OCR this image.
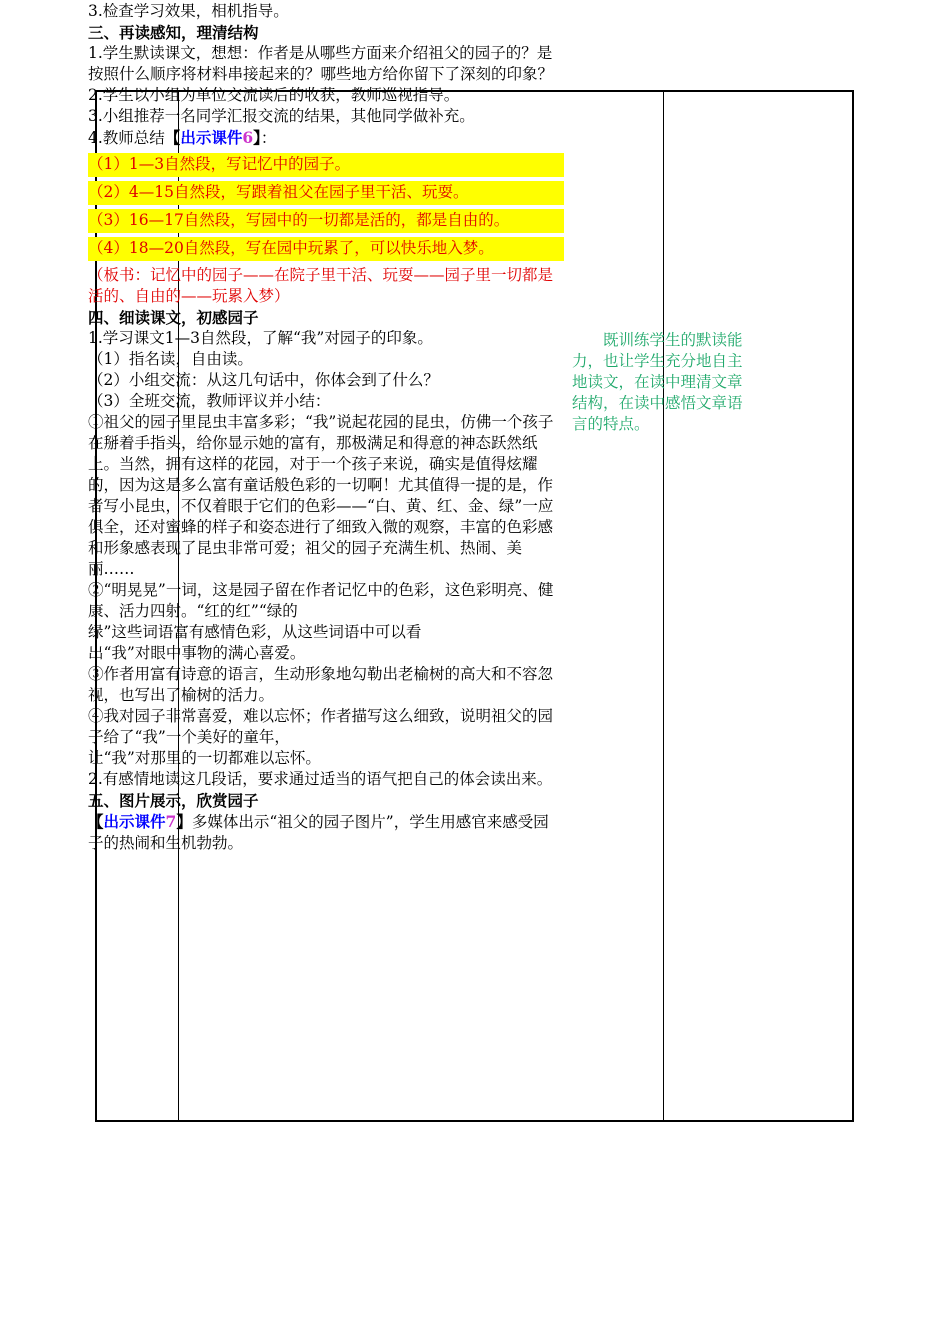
3.检查学习效果，相机指导。
三、再读感知，理清结构
1.学生默读课文，想想：作者是从哪些方面来介绍祖父的园子的？是按照什么顺序将材料串接起来的？哪些地方给你留下了深刻的印象？
2.学生以小组为单位交流读后的收获，教师巡视指导。
3.小组推荐一名同学汇报交流的结果，其他同学做补充。
4.教师总结【出示课件6】：
（1）1—3自然段，写记忆中的园子。
（2）4—15自然段，写跟着祖父在园子里干活、玩耍。
（3）16—17自然段，写园中的一切都是活的，都是自由的。
（4）18—20自然段，写在园中玩累了，可以快乐地入梦。
（板书：记忆中的园子——在院子里干活、玩耍——园子里一切都是活的、自由的——玩累入梦）
四、细读课文，初感园子
1.学习课文1—3自然段，了解“我”对园子的印象。
（1）指名读，自由读。
（2）小组交流：从这几句话中，你体会到了什么？
（3）全班交流，教师评议并小结：
①祖父的园子里昆虫丰富多彩；“我”说起花园的昆虫，仿佛一个孩子在掰着手指头，给你显示她的富有，那极满足和得意的神态跃然纸上。当然，拥有这样的花园，对于一个孩子来说，确实是值得炫耀的，因为这是多么富有童话般色彩的一切啊！尤其值得一提的是，作者写小昆虫，不仅着眼于它们的色彩——“白、黄、红、金、绿”一应俱全，还对蜜蜂的样子和姿态进行了细致入微的观察，丰富的色彩感和形象感表现了昆虫非常可爱；祖父的园子充满生机、热闹、美丽……
②“明晃晃”一词，这是园子留在作者记忆中的色彩，这色彩明亮、健康、活力四射。“红的红”“绿的
绿”这些词语富有感情色彩，从这些词语中可以看
出“我”对眼中事物的满心喜爱。
③作者用富有诗意的语言，生动形象地勾勒出老榆树的高大和不容忽视，也写出了榆树的活力。
④我对园子非常喜爱，难以忘怀；作者描写这么细致，说明祖父的园子给了“我”一个美好的童年，
让“我”对那里的一切都难以忘怀。
2.有感情地读这几段话，要求通过适当的语气把自己的体会读出来。
五、图片展示，欣赏园子
【出示课件7】多媒体出示“祖父的园子图片”，学生用感官来感受园子的热闹和生机勃勃。
　　既训练学生的默读能力，也让学生充分地自主地读文，在读中理清文章结构，在读中感悟文章语言的特点。
